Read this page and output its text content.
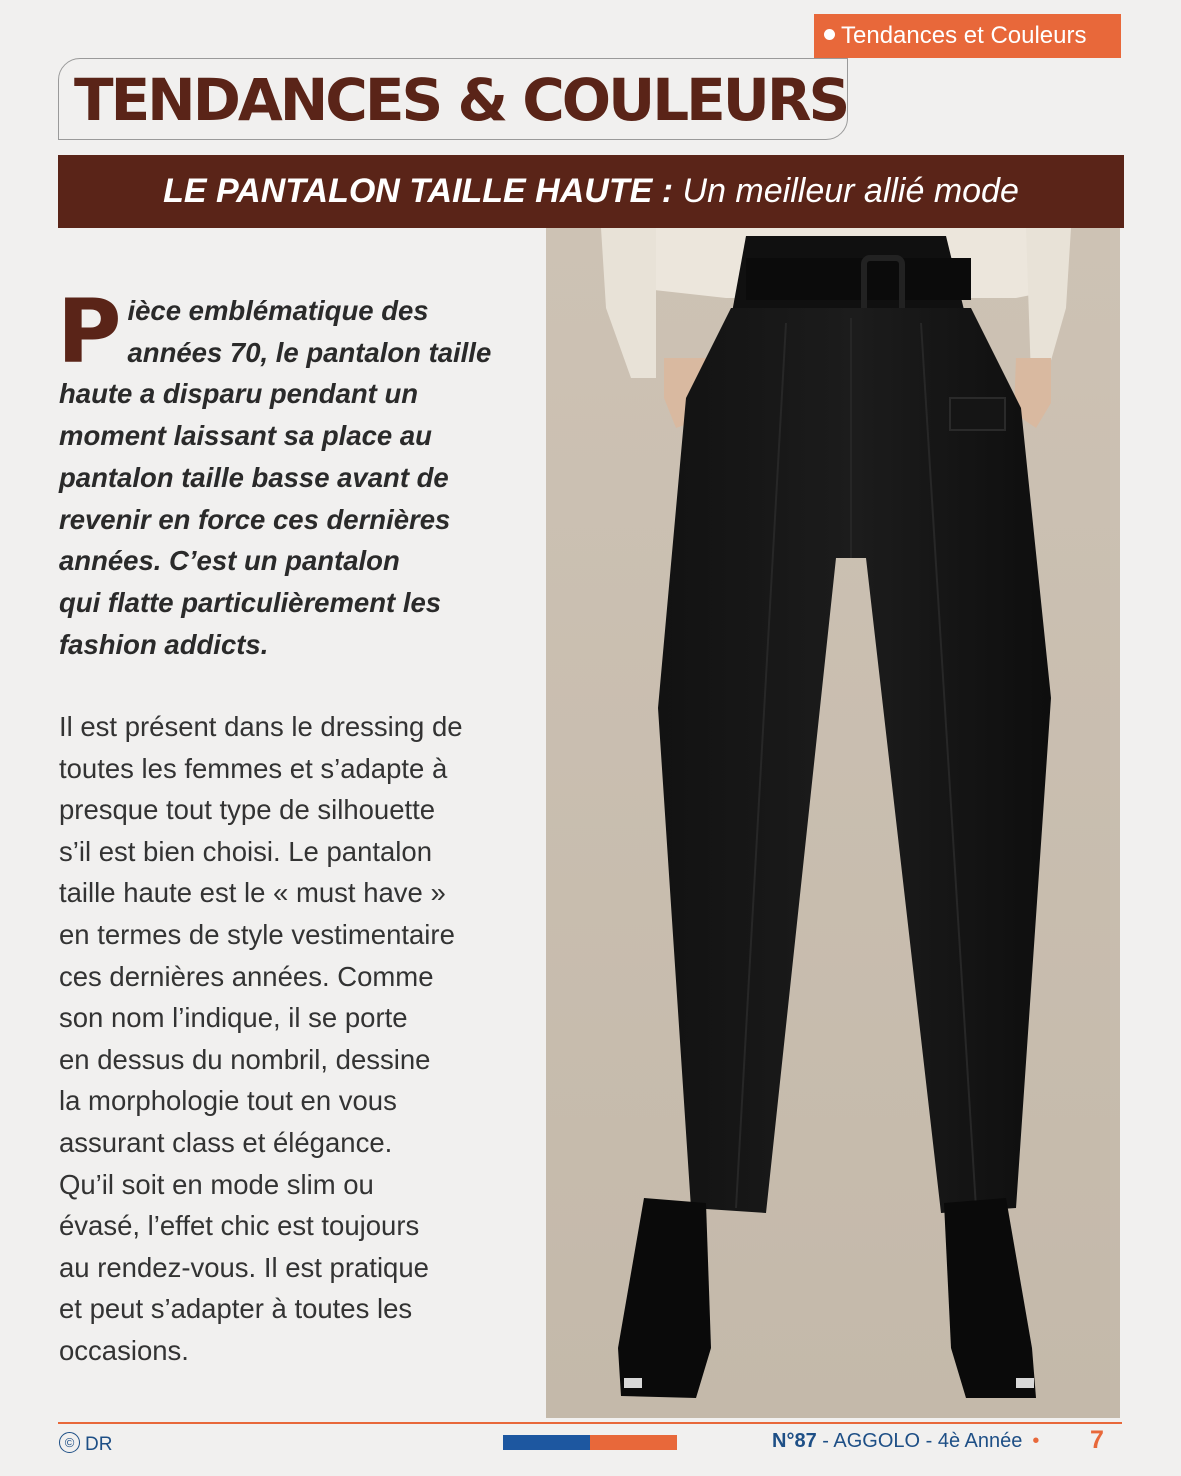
Tendances et Couleurs
TENDANCES & COULEURS
LE PANTALON TAILLE HAUTE : Un meilleur allié mode

Pièce emblématique des
années 70, le pantalon taille
haute a disparu pendant un
moment laissant sa place au
pantalon taille basse avant de
revenir en force ces dernières
années. C’est un pantalon
qui flatte particulièrement les
fashion addicts.

Il est présent dans le dressing de
toutes les femmes et s’adapte à
presque tout type de silhouette
s’il est bien choisi. Le pantalon
taille haute est le « must have »
en termes de style vestimentaire
ces dernières années. Comme
son nom l’indique, il se porte
en dessus du nombril, dessine
la morphologie tout en vous
assurant class et élégance.
Qu’il soit en mode slim ou
évasé, l’effet chic est toujours
au rendez-vous. Il est pratique
et peut s’adapter à toutes les
occasions.

© DR	N°87 - AGGOLO - 4è Année •	7
